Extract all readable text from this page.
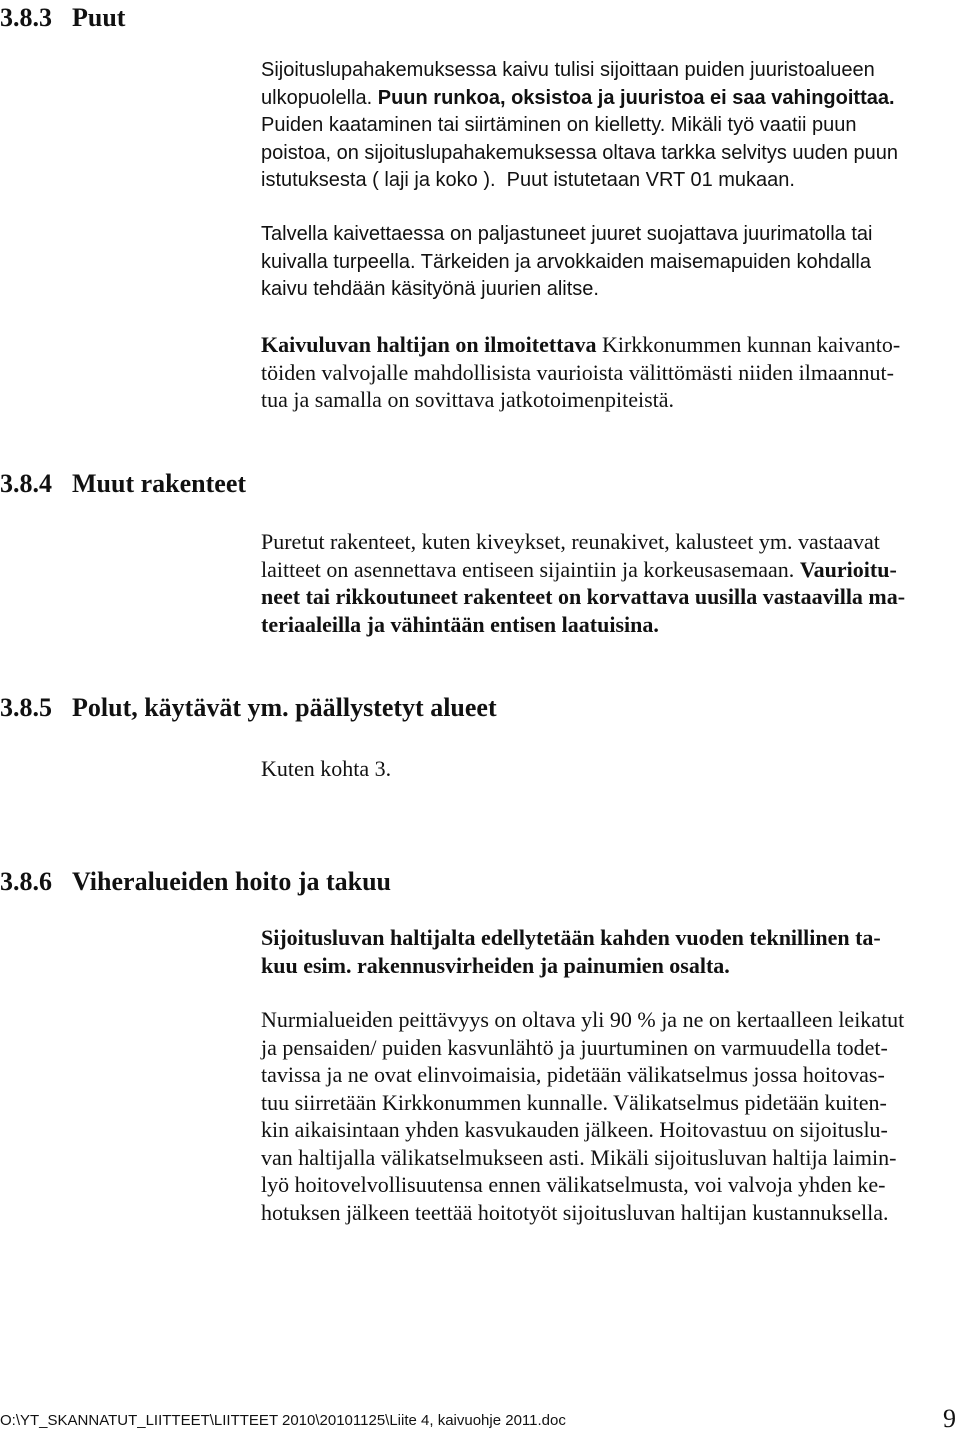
3.8.3 Puut

Sijoituslupahakemuksessa kaivu tulisi sijoittaan puiden juuristoalueen
ulkopuolella. Puun runkoa, oksistoa ja juuristoa ei saa vahingoittaa.
Puiden kaataminen tai siirtäminen on kielletty. Mikäli työ vaatii puun
poistoa, on sijoituslupahakemuksessa oltava tarkka selvitys uuden puun
istutuksesta ( laji ja koko ).  Puut istutetaan VRT 01 mukaan.

Talvella kaivettaessa on paljastuneet juuret suojattava juurimatolla tai
kuivalla turpeella. Tärkeiden ja arvokkaiden maisemapuiden kohdalla
kaivu tehdään käsityönä juurien alitse.

Kaivuluvan haltijan on ilmoitettava Kirkkonummen kunnan kaivanto-
töiden valvojalle mahdollisista vaurioista välittömästi niiden ilmaannut-
tua ja samalla on sovittava jatkotoimenpiteistä.

3.8.4 Muut rakenteet

Puretut rakenteet, kuten kiveykset, reunakivet, kalusteet ym. vastaavat
laitteet on asennettava entiseen sijaintiin ja korkeusasemaan. Vaurioitu-
neet tai rikkoutuneet rakenteet on korvattava uusilla vastaavilla ma-
teriaaleilla ja vähintään entisen laatuisina.

3.8.5 Polut, käytävät ym. päällystetyt alueet

Kuten kohta 3.

3.8.6 Viheralueiden hoito ja takuu

Sijoitusluvan haltijalta edellytetään kahden vuoden teknillinen ta-
kuu esim. rakennusvirheiden ja painumien osalta.

Nurmialueiden peittävyys on oltava yli 90 % ja ne on kertaalleen leikatut
ja pensaiden/ puiden kasvunlähtö ja juurtuminen on varmuudella todet-
tavissa ja ne ovat elinvoimaisia, pidetään välikatselmus jossa hoitovas-
tuu siirretään Kirkkonummen kunnalle. Välikatselmus pidetään kuiten-
kin aikaisintaan yhden kasvukauden jälkeen. Hoitovastuu on sijoituslu-
van haltijalla välikatselmukseen asti. Mikäli sijoitusluvan haltija laimin-
lyö hoitovelvollisuutensa ennen välikatselmusta, voi valvoja yhden ke-
hotuksen jälkeen teettää hoitotyöt sijoitusluvan haltijan kustannuksella.

O:\YT_SKANNATUT_LIITTEET\LIITTEET 2010\20101125\Liite 4, kaivuohje 2011.doc	9
